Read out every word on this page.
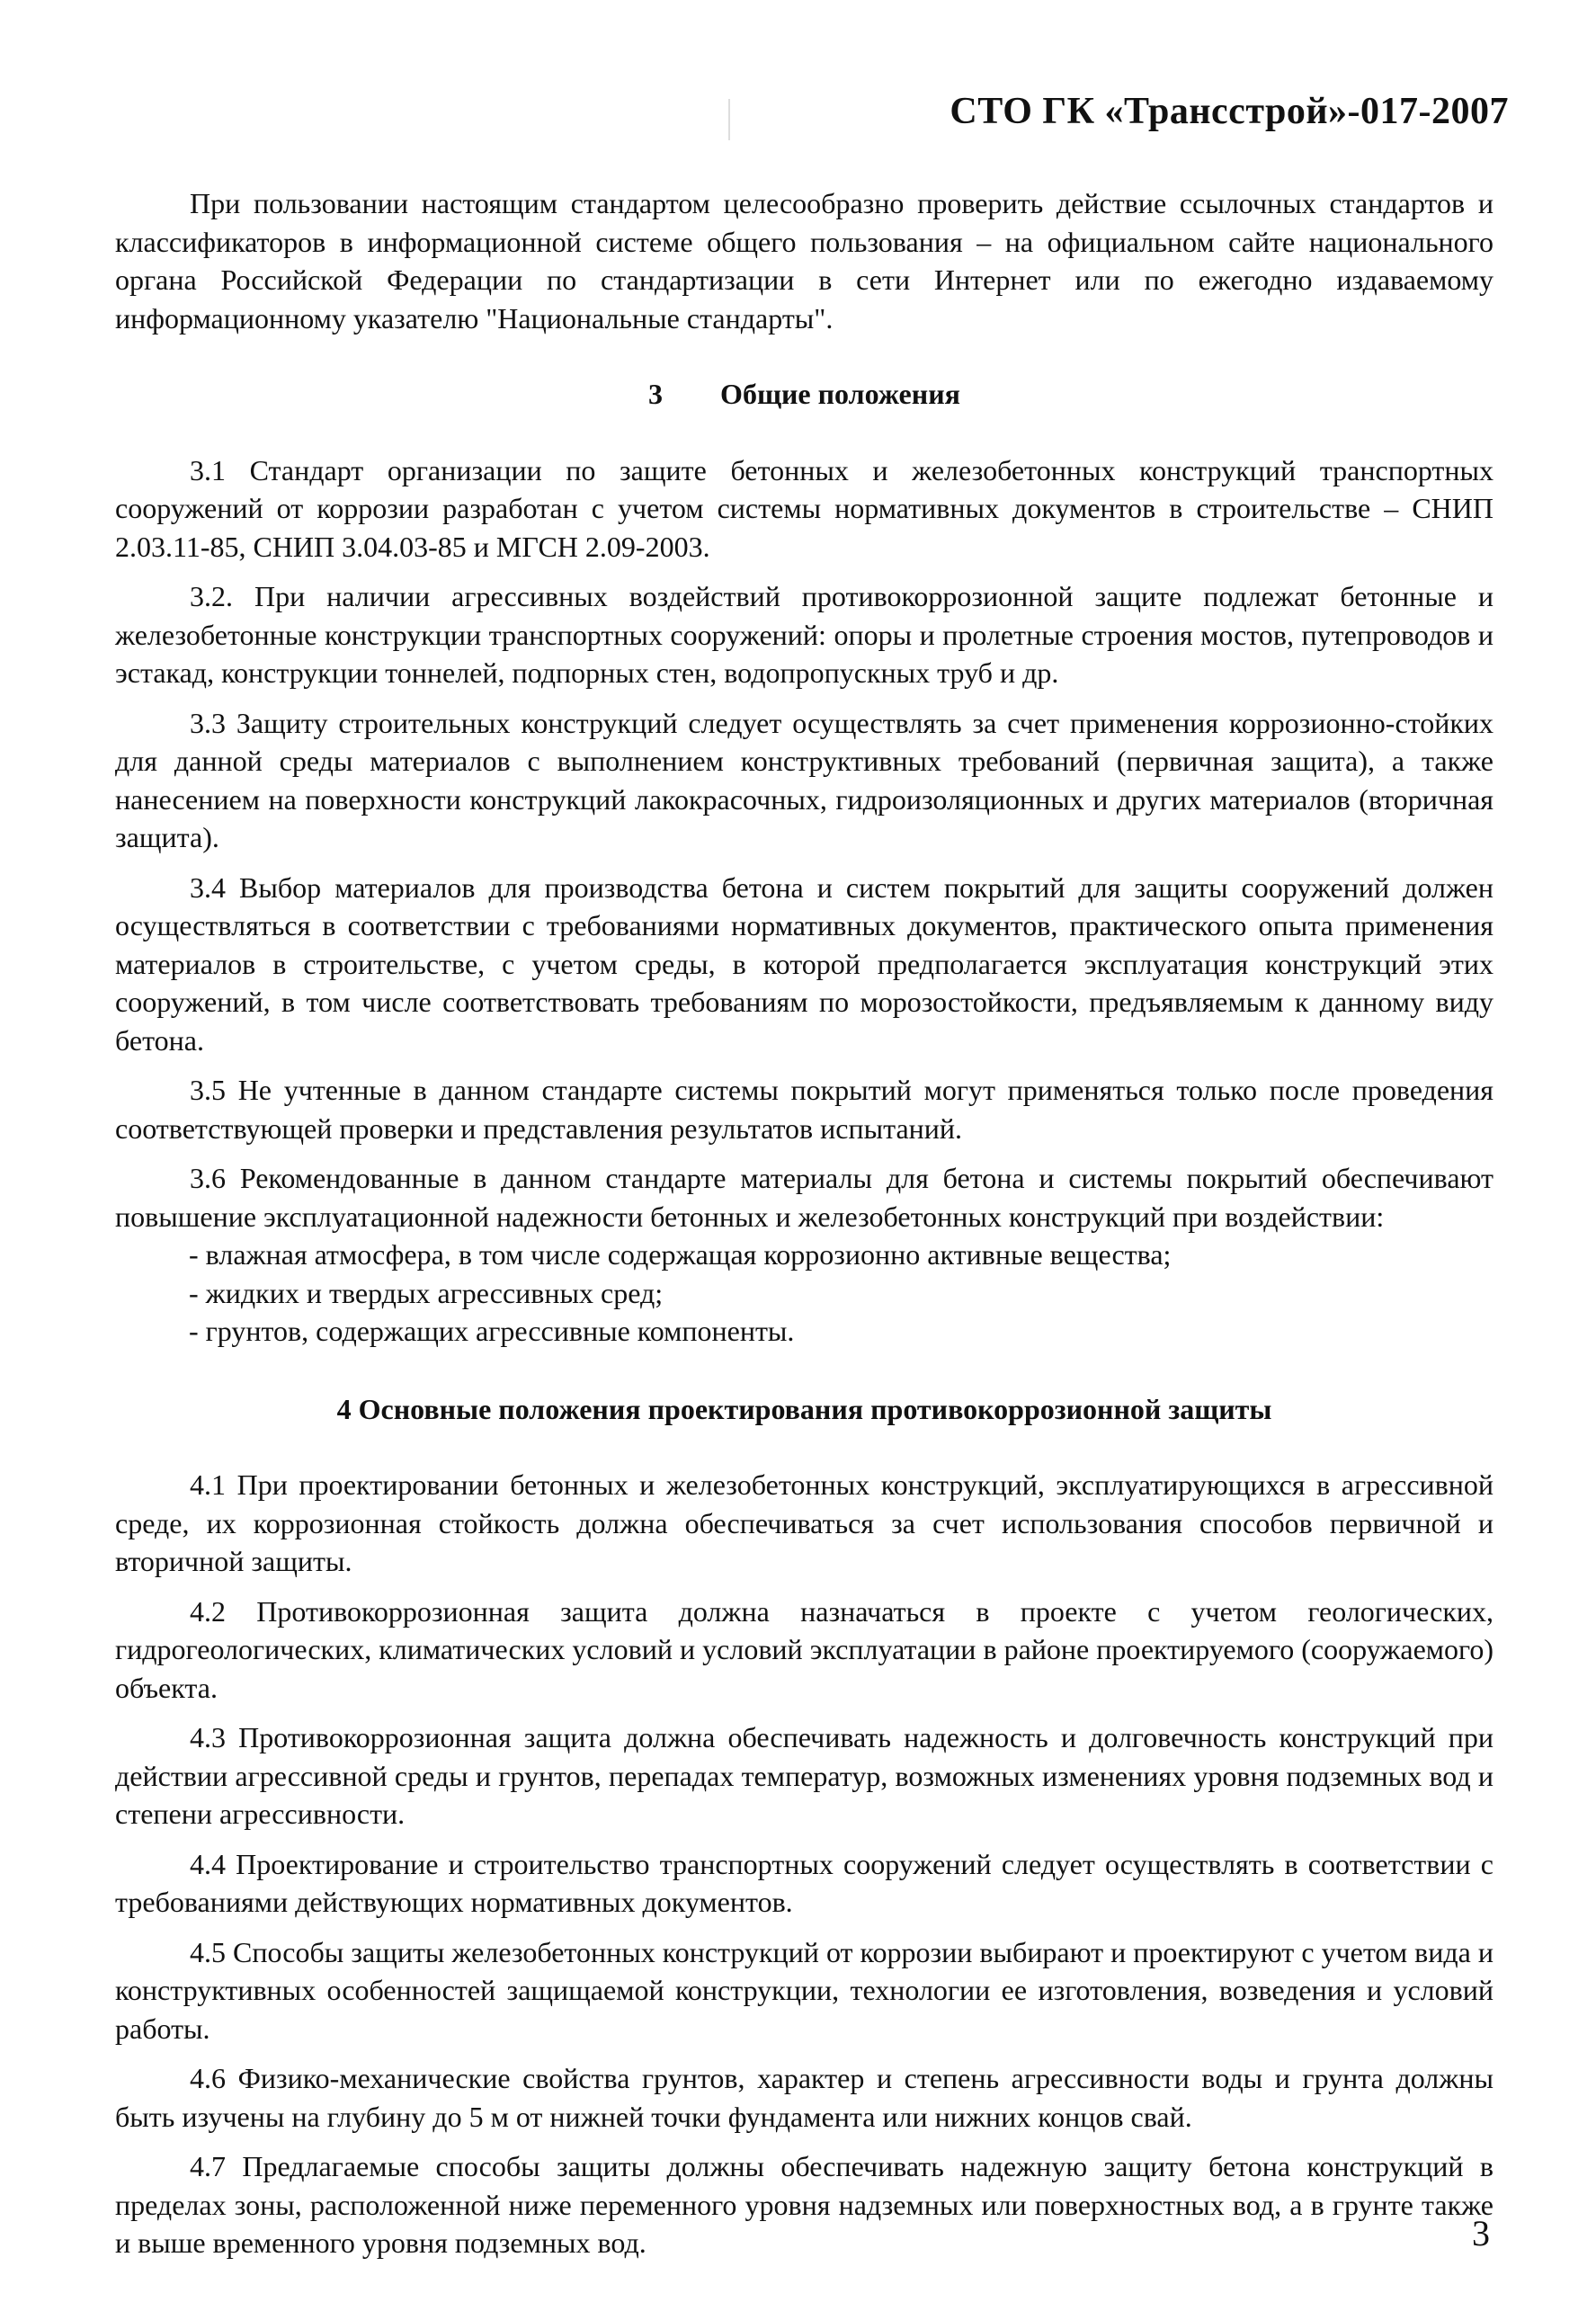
СТО ГК «Трансстрой»-017-2007

При пользовании настоящим стандартом целесообразно проверить действие ссылочных стандартов и классификаторов в информационной системе общего пользования – на официальном сайте национального органа Российской Федерации по стандартизации в сети Интернет или по ежегодно издаваемому информационному указателю "Национальные стандарты".

3        Общие положения

3.1 Стандарт организации по защите бетонных и железобетонных конструкций транспортных сооружений от коррозии разработан с учетом системы нормативных документов в строительстве – СНИП 2.03.11-85, СНИП 3.04.03-85 и МГСН 2.09-2003.

3.2. При наличии агрессивных воздействий противокоррозионной защите подлежат бетонные и железобетонные конструкции транспортных сооружений: опоры и пролетные строения мостов, путепроводов и эстакад, конструкции тоннелей, подпорных стен, водопропускных труб и др.

3.3 Защиту строительных конструкций следует осуществлять за счет применения коррозионно-стойких для данной среды материалов с выполнением конструктивных требований (первичная защита), а также нанесением на поверхности конструкций лакокрасочных, гидроизоляционных и других материалов (вторичная защита).

3.4 Выбор материалов для производства бетона и систем покрытий для защиты сооружений должен осуществляться в соответствии с требованиями нормативных документов, практического опыта применения материалов в строительстве, с учетом среды, в которой предполагается эксплуатация конструкций этих сооружений, в том числе соответствовать требованиям по морозостойкости, предъявляемым к данному виду бетона.

3.5 Не учтенные в данном стандарте системы покрытий могут применяться только после проведения соответствующей проверки и представления результатов испытаний.

3.6 Рекомендованные в данном стандарте материалы для бетона и системы покрытий обеспечивают повышение эксплуатационной надежности бетонных и железобетонных конструкций при воздействии:

- влажная атмосфера, в том числе содержащая коррозионно активные вещества;

- жидких и твердых агрессивных сред;

- грунтов, содержащих агрессивные компоненты.

4 Основные положения проектирования противокоррозионной защиты

4.1 При проектировании бетонных и железобетонных конструкций, эксплуатирующихся в агрессивной среде, их коррозионная стойкость должна обеспечиваться за счет использования способов первичной и вторичной защиты.

4.2 Противокоррозионная защита должна назначаться в проекте с учетом геологических, гидрогеологических, климатических условий и условий эксплуатации в районе проектируемого (сооружаемого) объекта.

4.3 Противокоррозионная защита должна обеспечивать надежность и долговечность конструкций при действии агрессивной среды и грунтов, перепадах температур, возможных изменениях уровня подземных вод и степени агрессивности.

4.4 Проектирование и строительство транспортных сооружений следует осуществлять в соответствии с требованиями действующих нормативных документов.

4.5 Способы защиты железобетонных конструкций от коррозии выбирают и проектируют с учетом вида и конструктивных особенностей защищаемой конструкции, технологии ее изготовления, возведения и условий работы.

4.6 Физико-механические свойства грунтов, характер и степень агрессивности воды и грунта должны быть изучены на глубину до 5 м от нижней точки фундамента или нижних концов свай.

4.7 Предлагаемые способы защиты должны обеспечивать надежную защиту бетона конструкций в пределах зоны, расположенной ниже переменного уровня надземных или поверхностных вод, а в грунте также и выше временного уровня подземных вод.	3
